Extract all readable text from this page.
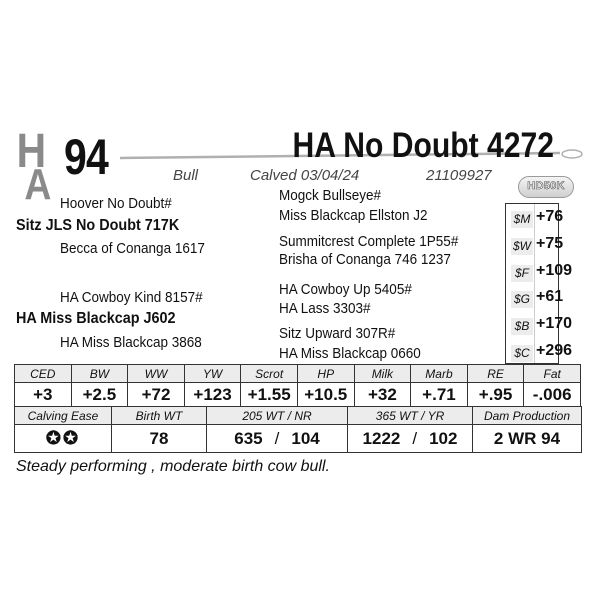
H
A 94	HA No Doubt 4272
Bull	Calved 03/04/24	21109927
HD50K
Hoover No Doubt#
Sitz JLS No Doubt 717K
Becca of Conanga 1617
HA Cowboy Kind 8157#
HA Miss Blackcap J602
HA Miss Blackcap 3868
Mogck Bullseye#
Miss Blackcap Ellston J2
Summitcrest Complete 1P55#
Brisha of Conanga 746 1237
HA Cowboy Up 5405#
HA Lass 3303#
Sitz Upward 307R#
HA Miss Blackcap 0660
$M +76
$W +75
$F +109
$G +61
$B +170
$C +296
CED	BW	WW	YW	Scrot	HP	Milk	Marb	RE	Fat
+3	+2.5	+72	+123	+1.55	+10.5	+32	+.71	+.95	-.006
Calving Ease	Birth WT	205 WT / NR	365 WT / YR	Dam Production
✪✪	78	635 / 104	1222 / 102	2 WR 94
Steady performing , moderate birth cow bull.
